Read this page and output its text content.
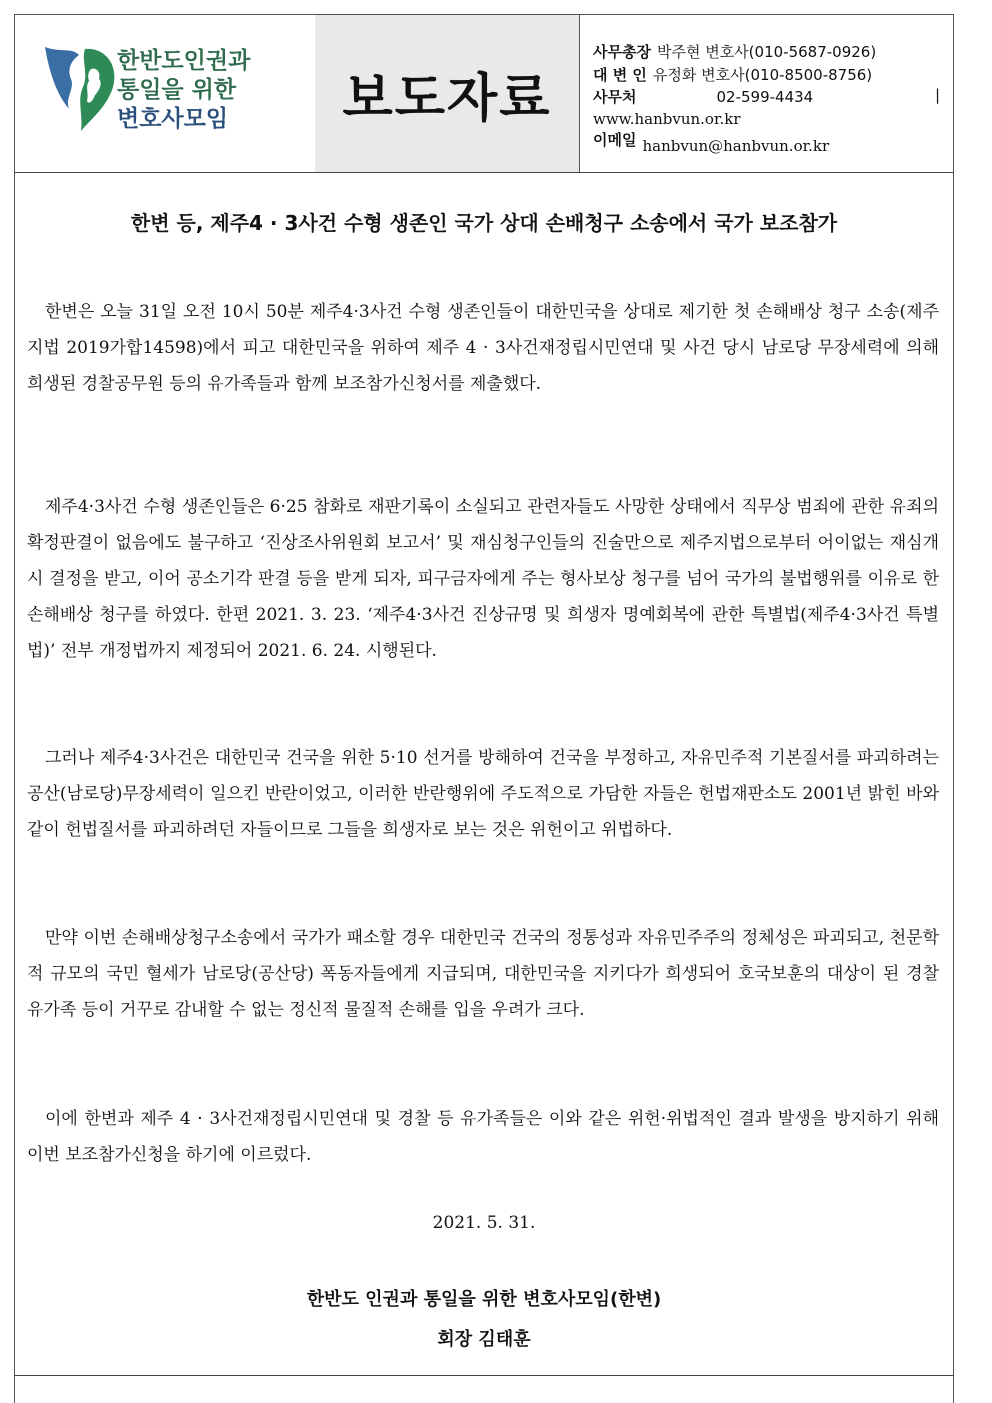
한반도인권과
통일을 위한
변호사모임	보도자료
사무총장 박주현 변호사(010-5687-0926)
대 변 인 유정화 변호사(010-8500-8756)
사무처	02-599-4434	|
www.hanbvun.or.kr
이메일 hanbvun@hanbvun.or.kr
한변 등, 제주4 · 3사건 수형 생존인 국가 상대 손배청구 소송에서 국가 보조참가
한변은 오늘 31일 오전 10시 50분 제주4·3사건 수형 생존인들이 대한민국을 상대로 제기한 첫 손해배상 청구 소송(제주지법 2019가합14598)에서 피고 대한민국을 위하여 제주 4 · 3사건재정립시민연대 및 사건 당시 남로당 무장세력에 의해 희생된 경찰공무원 등의 유가족들과 함께 보조참가신청서를 제출했다.
제주4·3사건 수형 생존인들은 6·25 참화로 재판기록이 소실되고 관련자들도 사망한 상태에서 직무상 범죄에 관한 유죄의 확정판결이 없음에도 불구하고 ‘진상조사위원회 보고서’ 및 재심청구인들의 진술만으로 제주지법으로부터 어이없는 재심개시 결정을 받고, 이어 공소기각 판결 등을 받게 되자, 피구금자에게 주는 형사보상 청구를 넘어 국가의 불법행위를 이유로 한 손해배상 청구를 하였다. 한편 2021. 3. 23. ‘제주4·3사건 진상규명 및 희생자 명예회복에 관한 특별법(제주4·3사건 특별법)’ 전부 개정법까지 제정되어 2021. 6. 24. 시행된다.
그러나 제주4·3사건은 대한민국 건국을 위한 5·10 선거를 방해하여 건국을 부정하고, 자유민주적 기본질서를 파괴하려는 공산(남로당)무장세력이 일으킨 반란이었고, 이러한 반란행위에 주도적으로 가담한 자들은 헌법재판소도 2001년 밝힌 바와 같이 헌법질서를 파괴하려던 자들이므로 그들을 희생자로 보는 것은 위헌이고 위법하다.
만약 이번 손해배상청구소송에서 국가가 패소할 경우 대한민국 건국의 정통성과 자유민주주의 정체성은 파괴되고, 천문학적 규모의 국민 혈세가 남로당(공산당) 폭동자들에게 지급되며, 대한민국을 지키다가 희생되어 호국보훈의 대상이 된 경찰 유가족 등이 거꾸로 감내할 수 없는 정신적 물질적 손해를 입을 우려가 크다.
이에 한변과 제주 4 · 3사건재정립시민연대 및 경찰 등 유가족들은 이와 같은 위헌·위법적인 결과 발생을 방지하기 위해 이번 보조참가신청을 하기에 이르렀다.
2021. 5. 31.
한반도 인권과 통일을 위한 변호사모임(한변)
회장 김태훈
